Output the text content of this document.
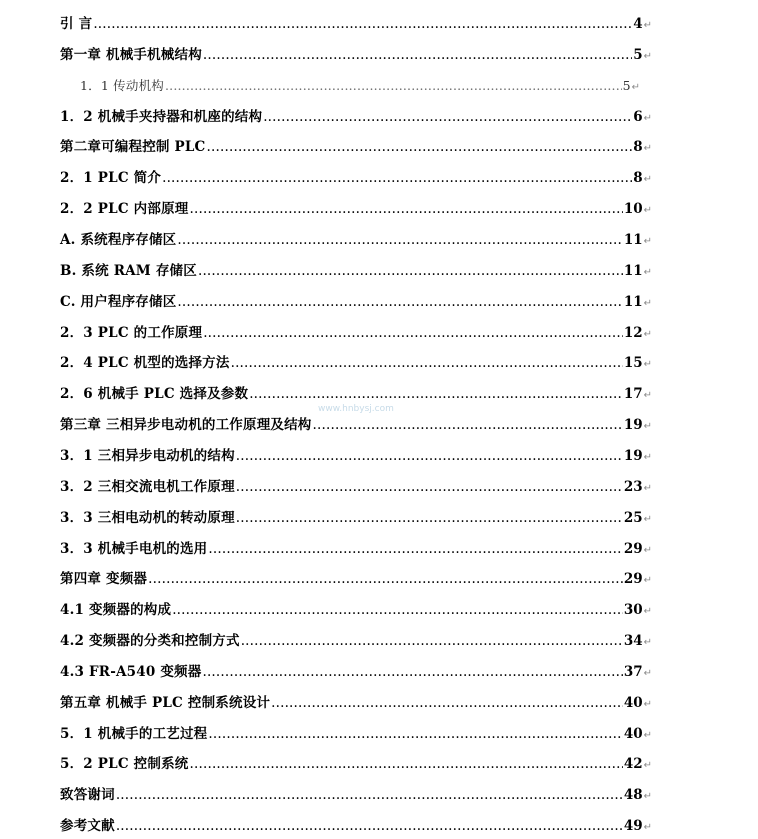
引 言 .....	4 ↵
第一章 机械手机械结构 .....	5 ↵
1．1 传动机构 .....	5 ↵
1．2 机械手夹持器和机座的结构 .....	6 ↵
第二章可编程控制 PLC .....	8 ↵
2．1 PLC 简介 .....	8 ↵
2．2 PLC 内部原理 .....	10 ↵
A. 系统程序存储区 .....	11 ↵
B. 系统 RAM 存储区 .....	11 ↵
C. 用户程序存储区 .....	11 ↵
2．3 PLC 的工作原理 .....	12 ↵
2．4 PLC 机型的选择方法 .....	15 ↵
2．6 机械手 PLC 选择及参数 .....	17 ↵
第三章 三相异步电动机的工作原理及结构 .....	19 ↵
3．1 三相异步电动机的结构 .....	19 ↵
3．2 三相交流电机工作原理 .....	23 ↵
3．3 三相电动机的转动原理 .....	25 ↵
3．3 机械手电机的选用 .....	29 ↵
第四章 变频器 .....	29 ↵
4.1 变频器的构成 .....	30 ↵
4.2 变频器的分类和控制方式 .....	34 ↵
4.3 FR-A540 变频器 .....	37 ↵
第五章 机械手 PLC 控制系统设计 .....	40 ↵
5．1 机械手的工艺过程 .....	40 ↵
5．2 PLC 控制系统 .....	42 ↵
致答谢词 .....	48 ↵
参考文献 .....	49 ↵
www.hnbysj.com
